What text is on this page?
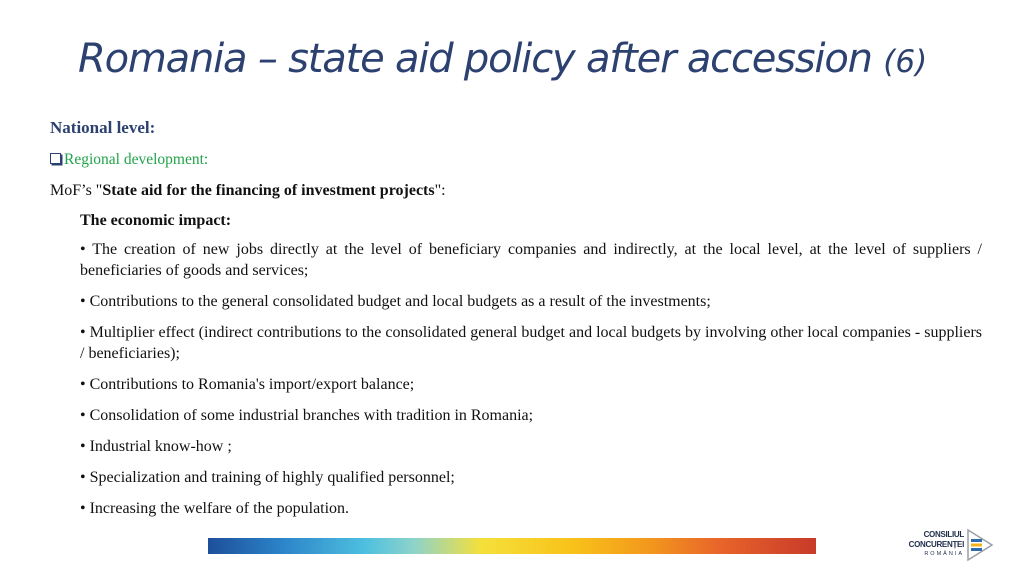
Romania – state aid policy after accession (6)

National level:

Regional development:

MoF’s "State aid for the financing of investment projects":

The economic impact:

• The creation of new jobs directly at the level of beneficiary companies and indirectly, at the local level, at the level of suppliers / beneficiaries of goods and services;
• Contributions to the general consolidated budget and local budgets as a result of the investments;
• Multiplier effect (indirect contributions to the consolidated general budget and local budgets by involving other local companies - suppliers / beneficiaries);
• Contributions to Romania's import/export balance;
• Consolidation of some industrial branches with tradition in Romania;
• Industrial know-how ;
• Specialization and training of highly qualified personnel;
• Increasing the welfare of the population.
CONSILIUL
CONCURENȚEI
ROMÂNIA
